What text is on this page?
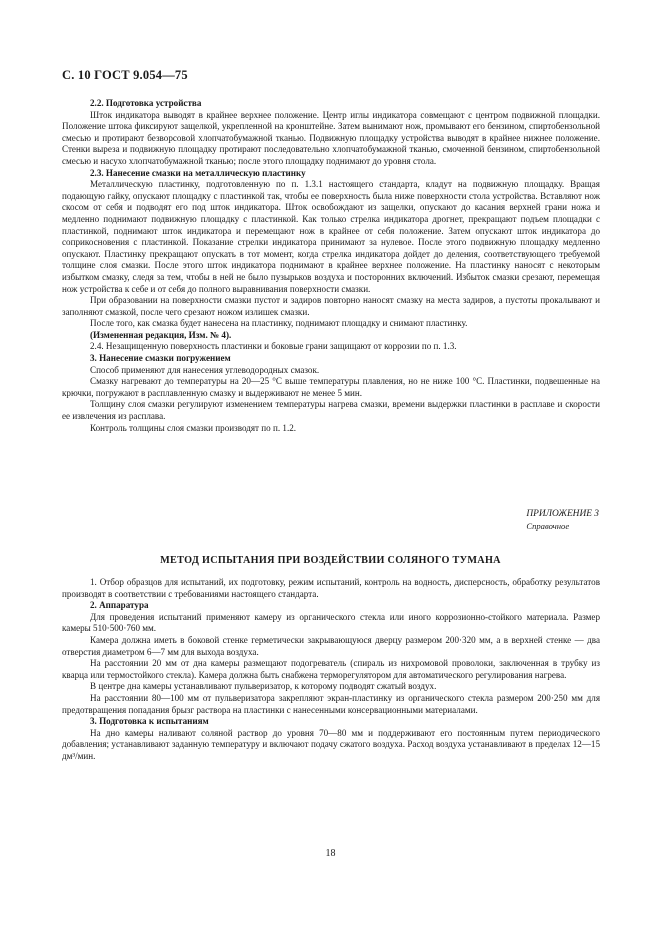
С. 10 ГОСТ 9.054—75

2.2. Подготовка устройства

Шток индикатора выводят в крайнее верхнее положение. Центр иглы индикатора совмещают с центром подвижной площадки. Положение штока фиксируют защелкой, укрепленной на кронштейне. Затем вынимают нож, промывают его бензином, спиртобензольной смесью и протирают безворсовой хлопчатобумажной тканью. Подвижную площадку устройства выводят в крайнее нижнее положение. Стенки выреза и подвижную площадку протирают последовательно хлопчатобумажной тканью, смоченной бензином, спиртобензольной смесью и насухо хлопчатобумажной тканью; после этого площадку поднимают до уровня стола.

2.3. Нанесение смазки на металлическую пластинку

Металлическую пластинку, подготовленную по п. 1.3.1 настоящего стандарта, кладут на подвижную площадку. Вращая подающую гайку, опускают площадку с пластинкой так, чтобы ее поверхность была ниже поверхности стола устройства. Вставляют нож скосом от себя и подводят его под шток индикатора. Шток освобождают из защелки, опускают до касания верхней грани ножа и медленно поднимают подвижную площадку с пластинкой. Как только стрелка индикатора дрогнет, прекращают подъем площадки с пластинкой, поднимают шток индикатора и перемещают нож в крайнее от себя положение. Затем опускают шток индикатора до соприкосновения с пластинкой. Показание стрелки индикатора принимают за нулевое. После этого подвижную площадку медленно опускают. Пластинку прекращают опускать в тот момент, когда стрелка индикатора дойдет до деления, соответствующего требуемой толщине слоя смазки. После этого шток индикатора поднимают в крайнее верхнее положение. На пластинку наносят с некоторым избытком смазку, следя за тем, чтобы в ней не было пузырьков воздуха и посторонних включений. Избыток смазки срезают, перемещая нож устройства к себе и от себя до полного выравнивания поверхности смазки.

При образовании на поверхности смазки пустот и задиров повторно наносят смазку на места задиров, а пустоты прокалывают и заполняют смазкой, после чего срезают ножом излишек смазки.

После того, как смазка будет нанесена на пластинку, поднимают площадку и снимают пластинку.

(Измененная редакция, Изм. № 4).

2.4. Незащищенную поверхность пластинки и боковые грани защищают от коррозии по п. 1.3.

3. Нанесение смазки погружением

Способ применяют для нанесения углеводородных смазок.

Смазку нагревают до температуры на 20—25 °С выше температуры плавления, но не ниже 100 °С. Пластинки, подвешенные на крючки, погружают в расплавленную смазку и выдерживают не менее 5 мин.

Толщину слоя смазки регулируют изменением температуры нагрева смазки, времени выдержки пластинки в расплаве и скорости ее извлечения из расплава.

Контроль толщины слоя смазки производят по п. 1.2.

ПРИЛОЖЕНИЕ 3
Справочное
МЕТОД ИСПЫТАНИЯ ПРИ ВОЗДЕЙСТВИИ СОЛЯНОГО ТУМАНА

1. Отбор образцов для испытаний, их подготовку, режим испытаний, контроль на водность, дисперсность, обработку результатов производят в соответствии с требованиями настоящего стандарта.

2. Аппаратура

Для проведения испытаний применяют камеру из органического стекла или иного коррозионно-стойкого материала. Размер камеры 510·500·760 мм.

Камера должна иметь в боковой стенке герметически закрывающуюся дверцу размером 200·320 мм, а в верхней стенке — два отверстия диаметром 6—7 мм для выхода воздуха.

На расстоянии 20 мм от дна камеры размещают подогреватель (спираль из нихромовой проволоки, заключенная в трубку из кварца или термостойкого стекла). Камера должна быть снабжена терморегулятором для автоматического регулирования нагрева.

В центре дна камеры устанавливают пульверизатор, к которому подводят сжатый воздух.

На расстоянии 80—100 мм от пульверизатора закрепляют экран-пластинку из органического стекла размером 200·250 мм для предотвращения попадания брызг раствора на пластинки с нанесенными консервационными материалами.

3. Подготовка к испытаниям

На дно камеры наливают соляной раствор до уровня 70—80 мм и поддерживают его постоянным путем периодического добавления; устанавливают заданную температуру и включают подачу сжатого воздуха. Расход воздуха устанавливают в пределах 12—15 дм³/мин.

18
